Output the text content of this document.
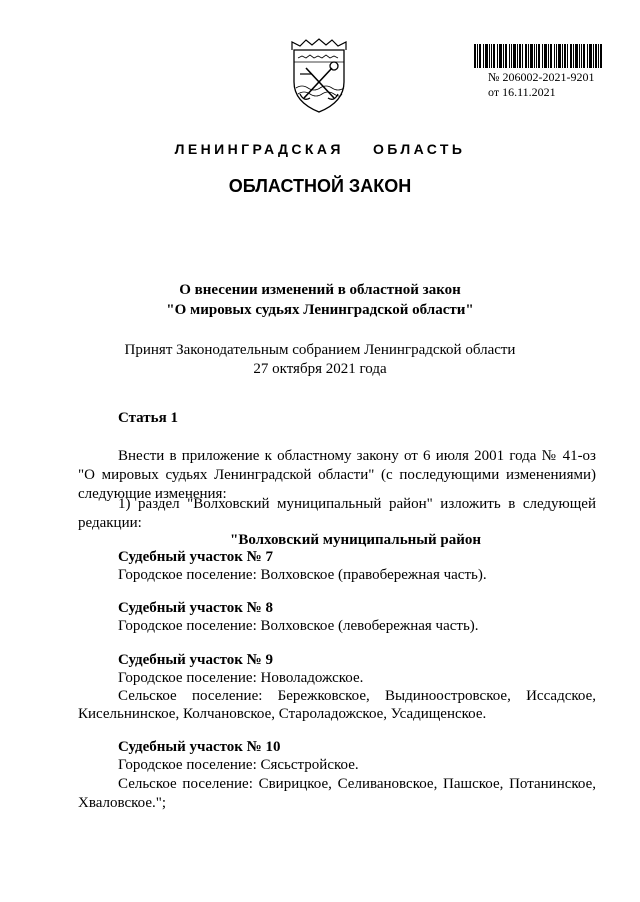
№ 206002-2021-9201
от 16.11.2021
ЛЕНИНГРАДСКАЯ    ОБЛАСТЬ
ОБЛАСТНОЙ ЗАКОН
О внесении изменений в областной закон
"О мировых судьях Ленинградской области"
Принят Законодательным собранием Ленинградской области
27 октября 2021 года
Статья 1
Внести в приложение к областному закону от 6 июля 2001 года № 41-оз
"О мировых судьях Ленинградской области" (с последующими изменениями)
следующие изменения:
1) раздел "Волховский муниципальный район" изложить в следующей
редакции:
"Волховский муниципальный район
Судебный участок № 7
Городское поселение: Волховское (правобережная часть).
Судебный участок № 8
Городское поселение: Волховское (левобережная часть).
Судебный участок № 9
Городское поселение: Новоладожское.
Сельское поселение: Бережковское, Выдиноостровское, Иссадское,
Кисельнинское, Колчановское, Староладожское, Усадищенское.
Судебный участок № 10
Городское поселение: Сясьстройское.
Сельское поселение: Свирицкое, Селивановское, Пашское, Потанинское,
Хваловское.";
